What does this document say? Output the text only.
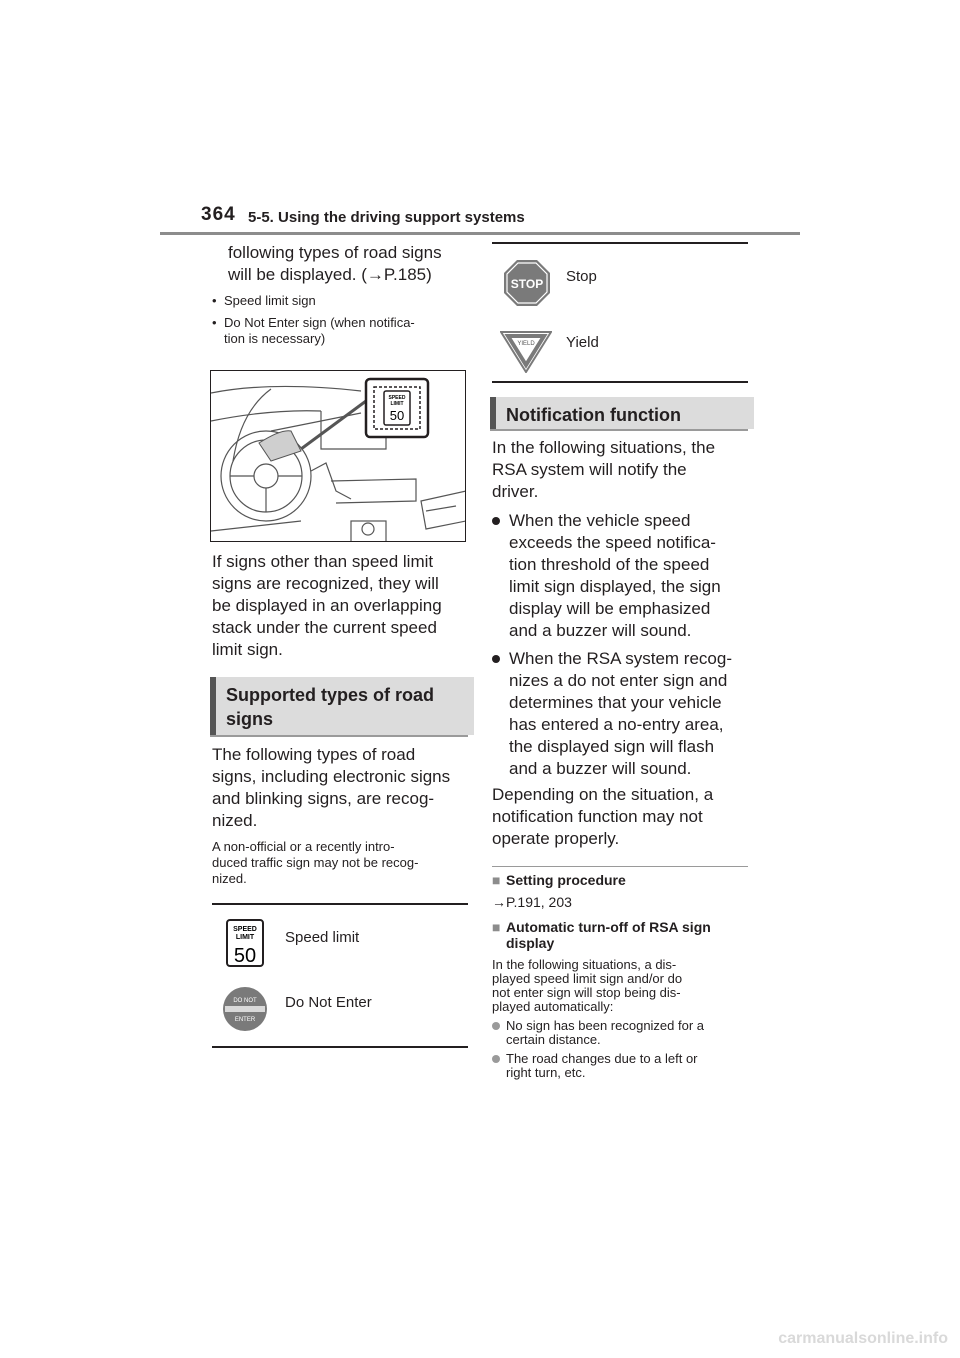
364 5-5. Using the driving support systems
following types of road signs
will be displayed. (→P.185)
• Speed limit sign
• Do Not Enter sign (when notifica-
tion is necessary)
SPEED
LIMIT
50
If signs other than speed limit
signs are recognized, they will
be displayed in an overlapping
stack under the current speed
limit sign.
Supported types of road
signs
The following types of road
signs, including electronic signs
and blinking signs, are recog-
nized.
A non-official or a recently intro-
duced traffic sign may not be recog-
nized.
SPEED
LIMIT
50
Speed limit
DO NOT
ENTER
Do Not Enter
STOP Stop
YIELD Yield
Notification function
In the following situations, the
RSA system will notify the
driver.
When the vehicle speed
exceeds the speed notifica-
tion threshold of the speed
limit sign displayed, the sign
display will be emphasized
and a buzzer will sound.
When the RSA system recog-
nizes a do not enter sign and
determines that your vehicle
has entered a no-entry area,
the displayed sign will flash
and a buzzer will sound.
Depending on the situation, a
notification function may not
operate properly.
■ Setting procedure
→P.191, 203
■ Automatic turn-off of RSA sign
display
In the following situations, a dis-
played speed limit sign and/or do
not enter sign will stop being dis-
played automatically:
No sign has been recognized for a
certain distance.
The road changes due to a left or
right turn, etc.
carmanualsonline.info
